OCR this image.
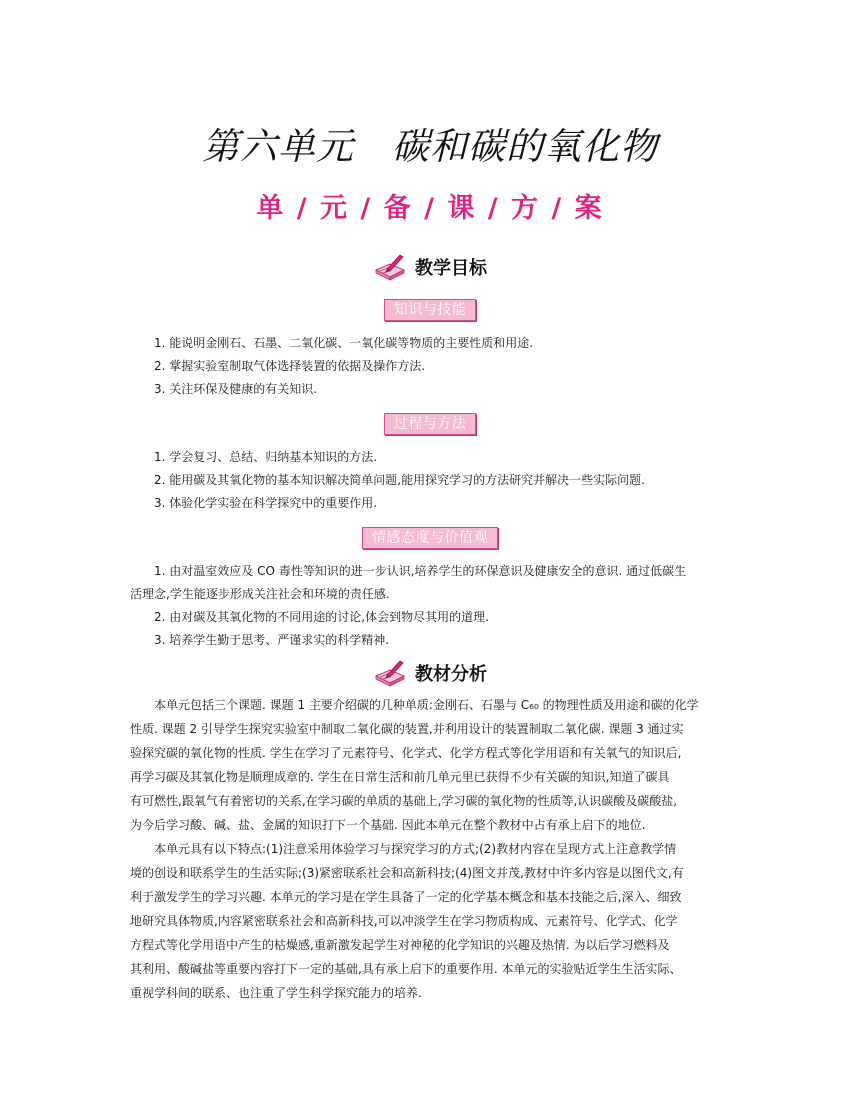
第六单元　碳和碳的氧化物
单 / 元 / 备 / 课 / 方 / 案
教学目标
知识与技能
1. 能说明金刚石、石墨、二氧化碳、一氧化碳等物质的主要性质和用途.
2. 掌握实验室制取气体选择装置的依据及操作方法.
3. 关注环保及健康的有关知识.
过程与方法
1. 学会复习、总结、归纳基本知识的方法.
2. 能用碳及其氧化物的基本知识解决简单问题,能用探究学习的方法研究并解决一些实际问题.
3. 体验化学实验在科学探究中的重要作用.
情感态度与价值观
1. 由对温室效应及 CO 毒性等知识的进一步认识,培养学生的环保意识及健康安全的意识. 通过低碳生
活理念,学生能逐步形成关注社会和环境的责任感.
2. 由对碳及其氧化物的不同用途的讨论,体会到物尽其用的道理.
3. 培养学生勤于思考、严谨求实的科学精神.
教材分析
本单元包括三个课题. 课题 1 主要介绍碳的几种单质:金刚石、石墨与 C₆₀ 的物理性质及用途和碳的化学
性质. 课题 2 引导学生探究实验室中制取二氧化碳的装置,并利用设计的装置制取二氧化碳. 课题 3 通过实
验探究碳的氧化物的性质. 学生在学习了元素符号、化学式、化学方程式等化学用语和有关氧气的知识后,
再学习碳及其氧化物是顺理成章的. 学生在日常生活和前几单元里已获得不少有关碳的知识,知道了碳具
有可燃性,跟氧气有着密切的关系,在学习碳的单质的基础上,学习碳的氧化物的性质等,认识碳酸及碳酸盐,
为今后学习酸、碱、盐、金属的知识打下一个基础. 因此本单元在整个教材中占有承上启下的地位.
本单元具有以下特点:(1)注意采用体验学习与探究学习的方式;(2)教材内容在呈现方式上注意教学情
境的创设和联系学生的生活实际;(3)紧密联系社会和高新科技;(4)图文并茂,教材中许多内容是以图代文,有
利于激发学生的学习兴趣. 本单元的学习是在学生具备了一定的化学基本概念和基本技能之后,深入、细致
地研究具体物质,内容紧密联系社会和高新科技,可以冲淡学生在学习物质构成、元素符号、化学式、化学
方程式等化学用语中产生的枯燥感,重新激发起学生对神秘的化学知识的兴趣及热情. 为以后学习燃料及
其利用、酸碱盐等重要内容打下一定的基础,具有承上启下的重要作用. 本单元的实验贴近学生生活实际、
重视学科间的联系、也注重了学生科学探究能力的培养.
